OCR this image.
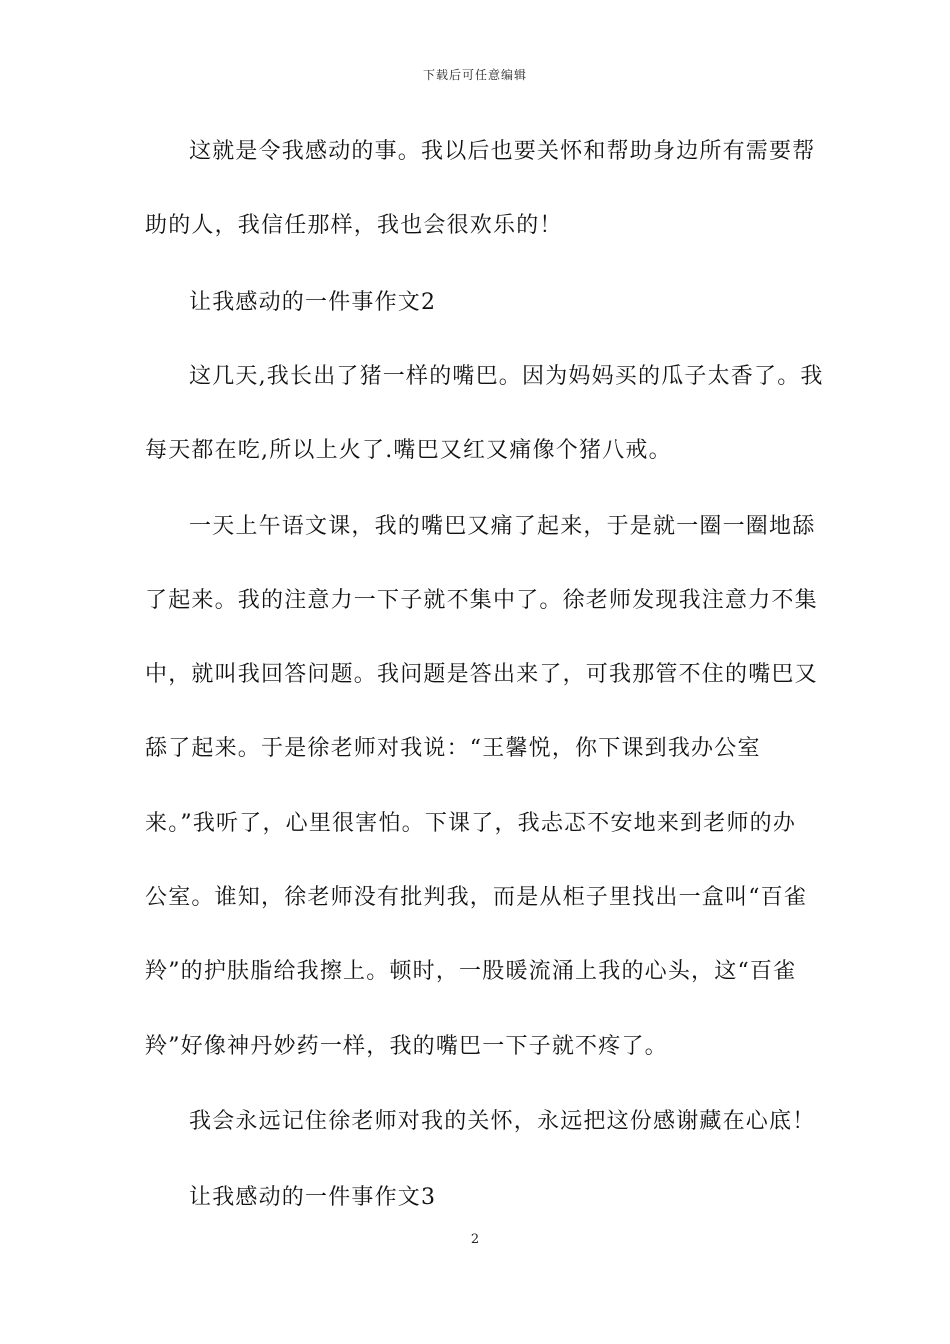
下载后可任意编辑
这就是令我感动的事。我以后也要关怀和帮助身边所有需要帮
助的人，我信任那样，我也会很欢乐的！
让我感动的一件事作文2
这几天,我长出了猪一样的嘴巴。因为妈妈买的瓜子太香了。我
每天都在吃,所以上火了.嘴巴又红又痛像个猪八戒。
一天上午语文课，我的嘴巴又痛了起来，于是就一圈一圈地舔
了起来。我的注意力一下子就不集中了。徐老师发现我注意力不集
中，就叫我回答问题。我问题是答出来了，可我那管不住的嘴巴又
舔了起来。于是徐老师对我说：“王馨悦，你下课到我办公室
来。”我听了，心里很害怕。下课了，我忐忑不安地来到老师的办
公室。谁知，徐老师没有批判我，而是从柜子里找出一盒叫“百雀
羚”的护肤脂给我擦上。顿时，一股暖流涌上我的心头，这“百雀
羚”好像神丹妙药一样，我的嘴巴一下子就不疼了。
我会永远记住徐老师对我的关怀，永远把这份感谢藏在心底！
让我感动的一件事作文3
2
